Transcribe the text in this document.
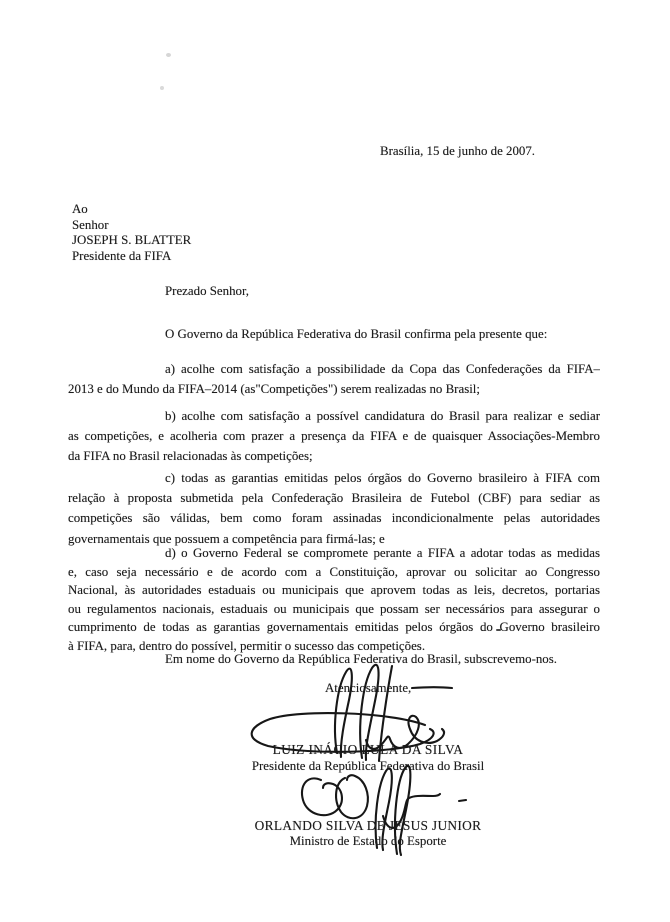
Brasília, 15 de junho de 2007.
Ao
Senhor
JOSEPH S. BLATTER
Presidente da FIFA
Prezado Senhor,
O Governo da República Federativa do Brasil confirma pela presente que:
a) acolhe com satisfação a possibilidade da Copa das Confederações da FIFA–
2013 e do Mundo da FIFA–2014 (as"Competições") serem realizadas no Brasil;
b) acolhe com satisfação a possível candidatura do Brasil para realizar e sediar
as competições, e acolheria com prazer a presença da FIFA e de quaisquer Associações-Membro
da FIFA no Brasil relacionadas às competições;
c) todas as garantias emitidas pelos órgãos do Governo brasileiro à FIFA com
relação à proposta submetida pela Confederação Brasileira de Futebol (CBF) para sediar as
competições são válidas, bem como foram assinadas incondicionalmente pelas autoridades
governamentais que possuem a competência para firmá-las; e
d) o Governo Federal se compromete perante a FIFA a adotar todas as medidas
e, caso seja necessário e de acordo com a Constituição, aprovar ou solicitar ao Congresso
Nacional, às autoridades estaduais ou municipais que aprovem todas as leis, decretos, portarias
ou regulamentos nacionais, estaduais ou municipais que possam ser necessários para assegurar o
cumprimento de todas as garantias governamentais emitidas pelos órgãos do Governo brasileiro
à FIFA, para, dentro do possível, permitir o sucesso das competições.
Em nome do Governo da República Federativa do Brasil, subscrevemo-nos.
Atenciosamente,
LUIZ INÁCIO LULA DA SILVA
Presidente da República Federativa do Brasil
ORLANDO SILVA DE JESUS JUNIOR
Ministro de Estado do Esporte
